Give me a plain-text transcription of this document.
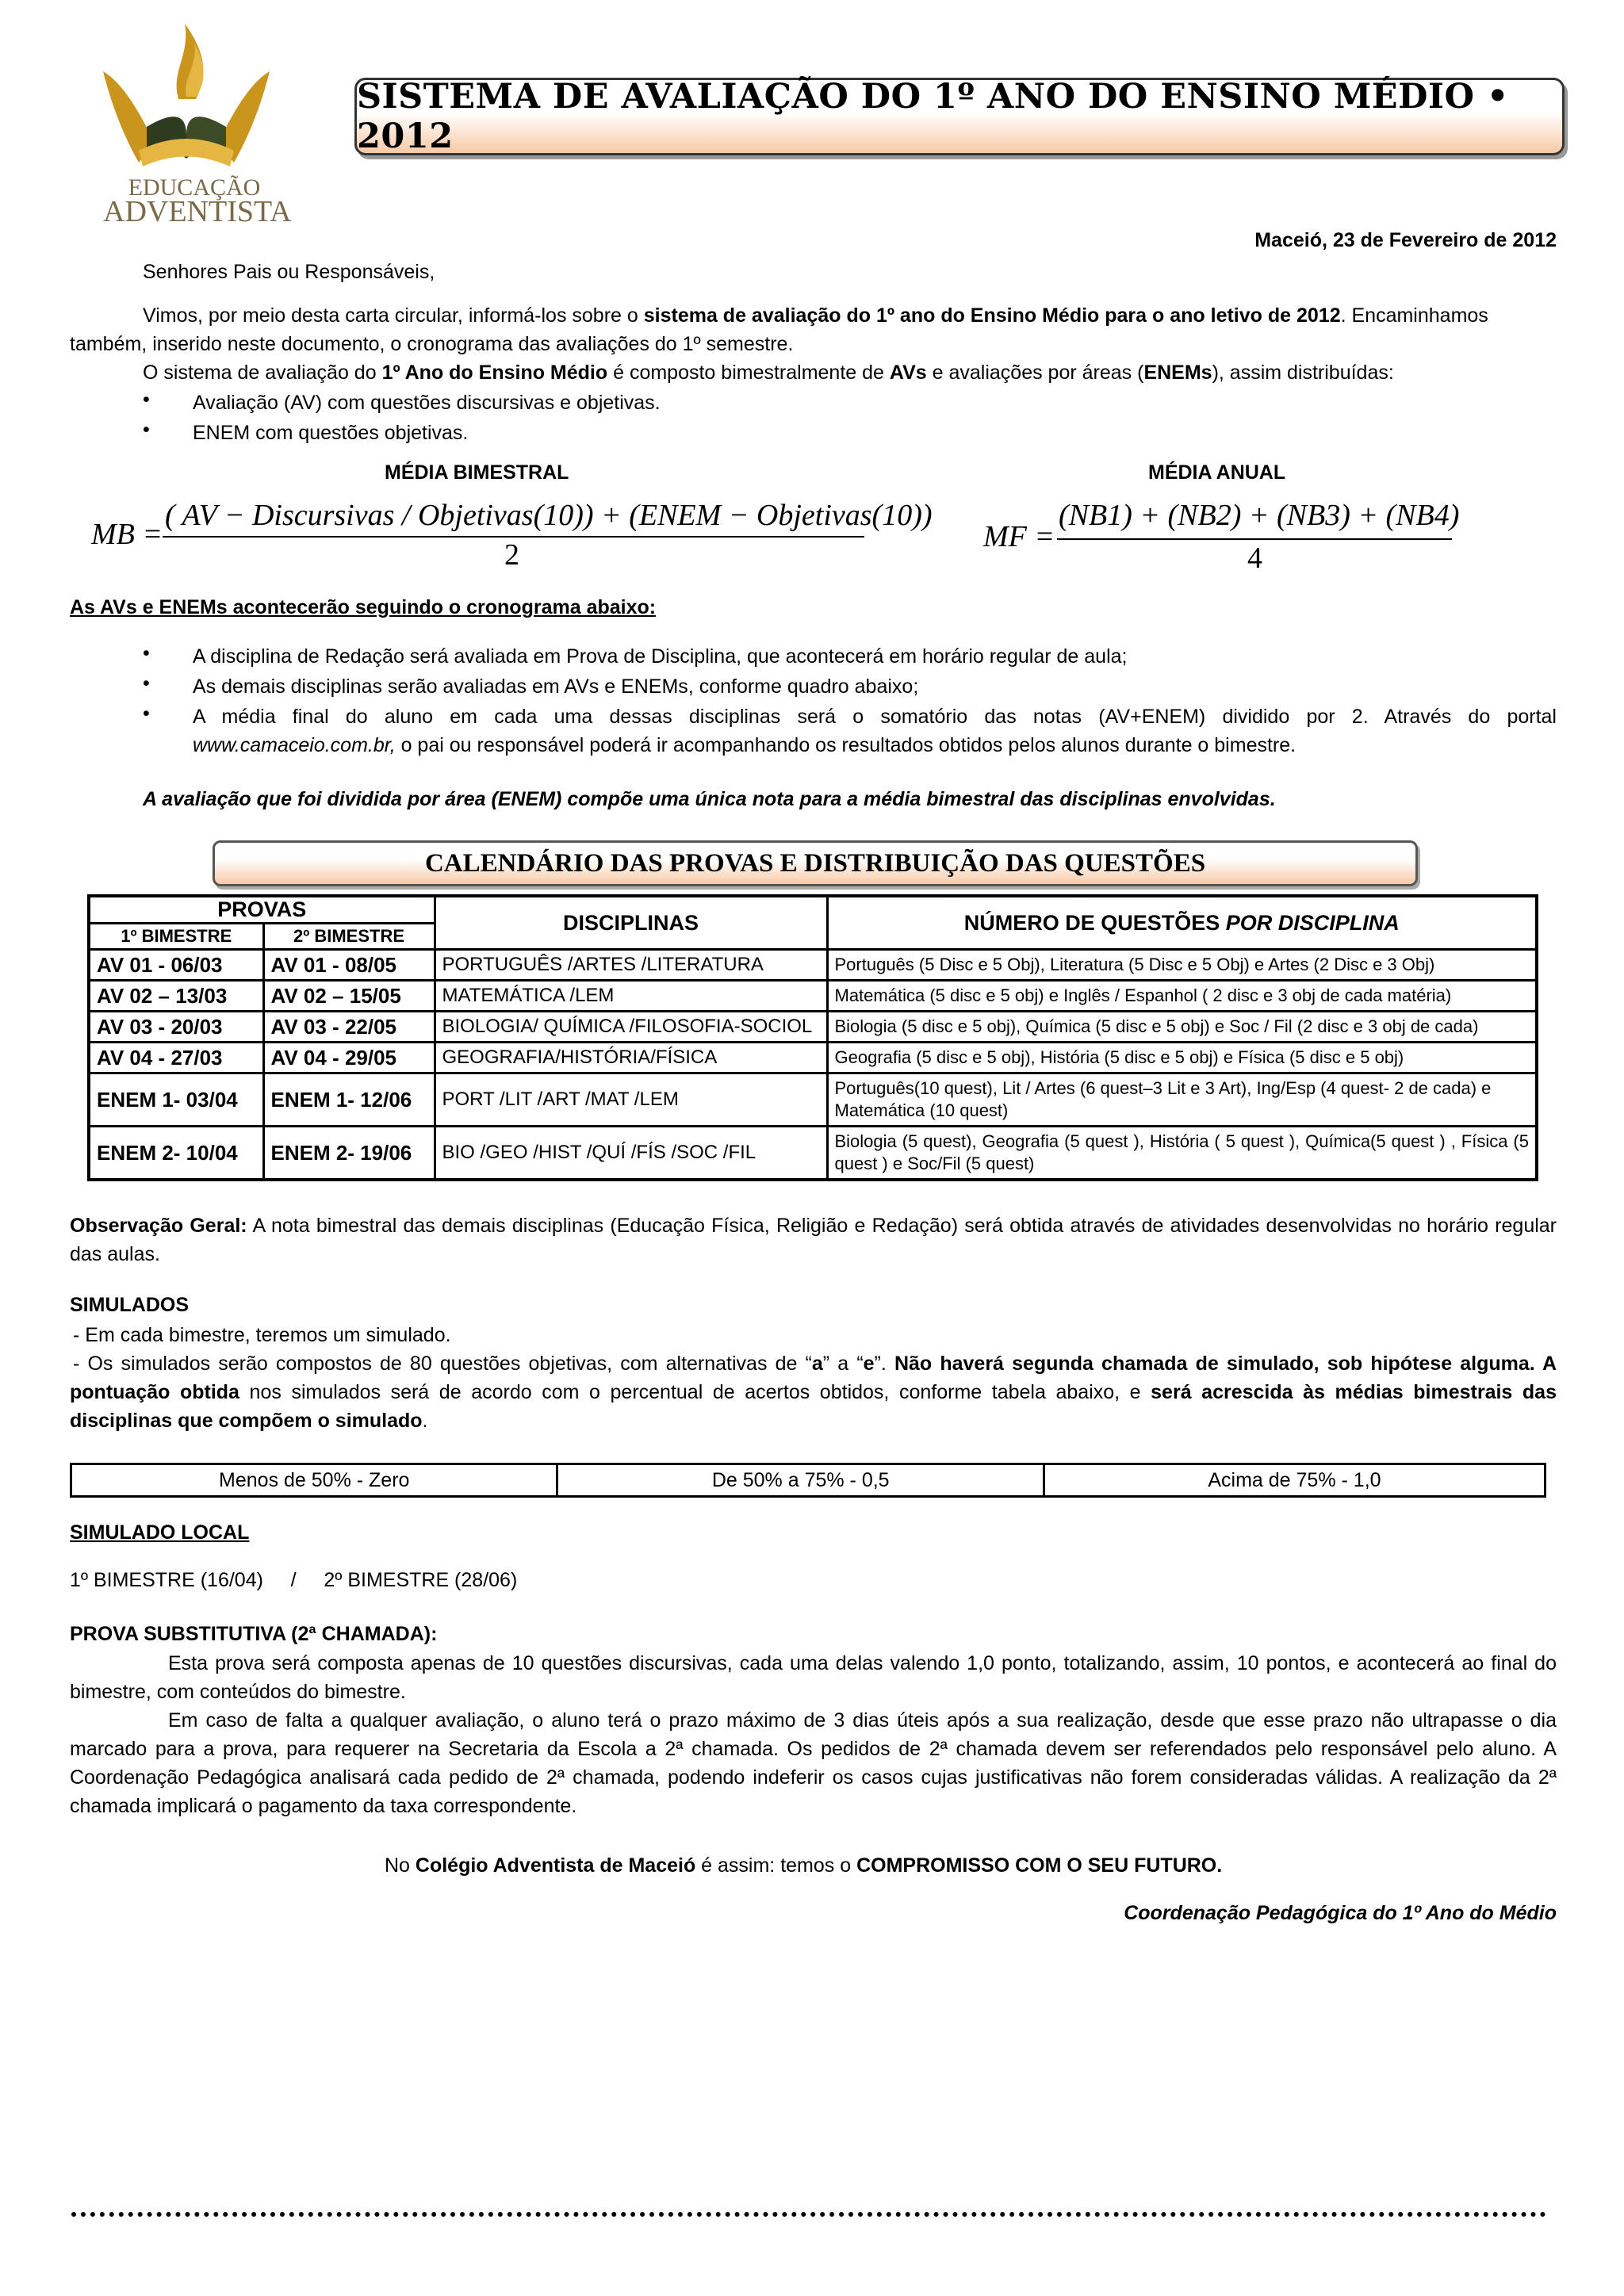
EDUCAÇÃO
ADVENTISTA
SISTEMA DE AVALIAÇÃO DO 1º ANO DO ENSINO MÉDIO • 2012
Maceió, 23 de Fevereiro de 2012
Senhores Pais ou Responsáveis,
Vimos, por meio desta carta circular, informá-los sobre o sistema de avaliação do 1º ano do Ensino Médio para o ano letivo de 2012. Encaminhamos
também, inserido neste documento, o cronograma das avaliações do 1º semestre.
O sistema de avaliação do 1º Ano do Ensino Médio é composto bimestralmente de AVs e avaliações por áreas (ENEMs), assim distribuídas:
• Avaliação (AV) com questões discursivas e objetivas.
• ENEM com questões objetivas.
MÉDIA BIMESTRAL	MÉDIA ANUAL
MB =
( AV − Discursivas / Objetivas(10)) + (ENEM − Objetivas(10))
2
MF =
(NB1) + (NB2) + (NB3) + (NB4)
4
As AVs e ENEMs acontecerão seguindo o cronograma abaixo:
• A disciplina de Redação será avaliada em Prova de Disciplina, que acontecerá em horário regular de aula;
• As demais disciplinas serão avaliadas em AVs e ENEMs, conforme quadro abaixo;
• A média final do aluno em cada uma dessas disciplinas será o somatório das notas (AV+ENEM) dividido por 2. Através do portal
www.camaceio.com.br, o pai ou responsável poderá ir acompanhando os resultados obtidos pelos alunos durante o bimestre.
A avaliação que foi dividida por área (ENEM) compõe uma única nota para a média bimestral das disciplinas envolvidas.
CALENDÁRIO DAS PROVAS E DISTRIBUIÇÃO DAS QUESTÕES
PROVAS		DISCIPLINAS	NÚMERO DE QUESTÕES POR DISCIPLINA
1º BIMESTRE	2º BIMESTRE		
AV 01 - 06/03	AV 01 - 08/05	PORTUGUÊS /ARTES /LITERATURA	Português (5 Disc e 5 Obj), Literatura (5 Disc e 5 Obj) e Artes (2 Disc e 3 Obj)
AV 02 – 13/03	AV 02 – 15/05	MATEMÁTICA /LEM	Matemática (5 disc e 5 obj) e Inglês / Espanhol ( 2 disc e 3 obj de cada matéria)
AV 03 - 20/03	AV 03 - 22/05	BIOLOGIA/ QUÍMICA /FILOSOFIA-SOCIOL	Biologia (5 disc e 5 obj), Química (5 disc e 5 obj) e Soc / Fil (2 disc e 3 obj de cada)
AV 04 - 27/03	AV 04 - 29/05	GEOGRAFIA/HISTÓRIA/FÍSICA	Geografia (5 disc e 5 obj), História (5 disc e 5 obj) e Física (5 disc e 5 obj)
ENEM 1- 03/04	ENEM 1- 12/06	PORT /LIT /ART /MAT /LEM	Português(10 quest), Lit / Artes (6 quest–3 Lit e 3 Art), Ing/Esp (4 quest- 2 de cada) e Matemática (10 quest)
ENEM 2- 10/04	ENEM 2- 19/06	BIO /GEO /HIST /QUÍ /FÍS /SOC /FIL	Biologia (5 quest), Geografia (5 quest ), História ( 5 quest ), Química(5 quest ) , Física (5 quest ) e Soc/Fil (5 quest)
Observação Geral: A nota bimestral das demais disciplinas (Educação Física, Religião e Redação) será obtida através de atividades desenvolvidas no horário regular das aulas.
SIMULADOS
- Em cada bimestre, teremos um simulado.
- Os simulados serão compostos de 80 questões objetivas, com alternativas de “a” a “e”. Não haverá segunda chamada de simulado, sob hipótese alguma. A pontuação obtida nos simulados será de acordo com o percentual de acertos obtidos, conforme tabela abaixo, e será acrescida às médias bimestrais das disciplinas que compõem o simulado.
Menos de 50% - Zero	De 50% a 75% - 0,5	Acima de 75% - 1,0
SIMULADO LOCAL
1º BIMESTRE (16/04)     /     2º BIMESTRE (28/06)
PROVA SUBSTITUTIVA (2ª CHAMADA):
Esta prova será composta apenas de 10 questões discursivas, cada uma delas valendo 1,0 ponto, totalizando, assim, 10 pontos, e acontecerá ao final do bimestre, com conteúdos do bimestre.
Em caso de falta a qualquer avaliação, o aluno terá o prazo máximo de 3 dias úteis após a sua realização, desde que esse prazo não ultrapasse o dia marcado para a prova, para requerer na Secretaria da Escola a 2ª chamada. Os pedidos de 2ª chamada devem ser referendados pelo responsável pelo aluno. A Coordenação Pedagógica analisará cada pedido de 2ª chamada, podendo indeferir os casos cujas justificativas não forem consideradas válidas. A realização da 2ª chamada implicará o pagamento da taxa correspondente.
No Colégio Adventista de Maceió é assim: temos o COMPROMISSO COM O SEU FUTURO.
Coordenação Pedagógica do 1º Ano do Médio
